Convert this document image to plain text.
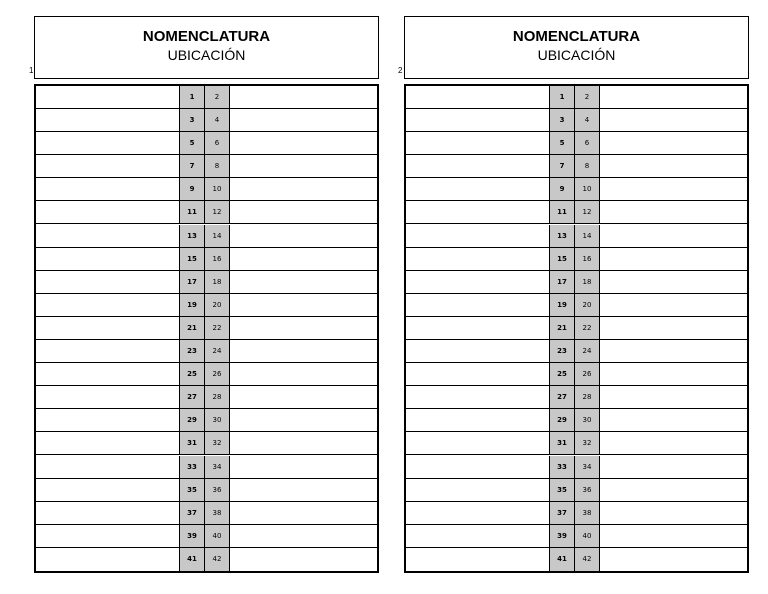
1
NOMENCLATURA
UBICACIÓN
1	2
3	4
5	6
7	8
9	10
11	12
13	14
15	16
17	18
19	20
21	22
23	24
25	26
27	28
29	30
31	32
33	34
35	36
37	38
39	40
41	42
2
NOMENCLATURA
UBICACIÓN
1	2
3	4
5	6
7	8
9	10
11	12
13	14
15	16
17	18
19	20
21	22
23	24
25	26
27	28
29	30
31	32
33	34
35	36
37	38
39	40
41	42
